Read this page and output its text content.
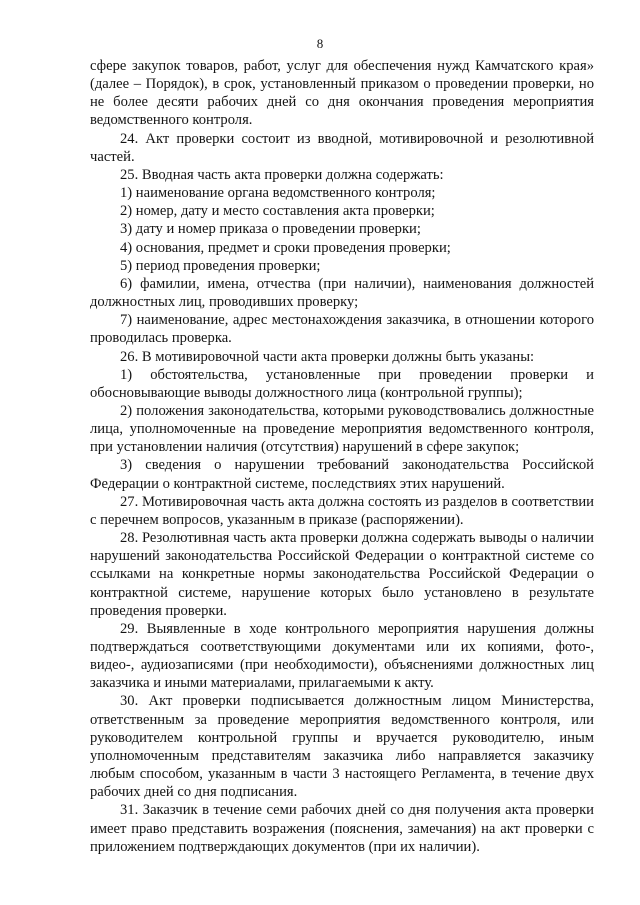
8

сфере закупок товаров, работ, услуг для обеспечения нужд Камчатского края» (далее – Порядок), в срок, установленный приказом о проведении проверки, но не более десяти рабочих дней со дня окончания проведения мероприятия ведомственного контроля.

24. Акт проверки состоит из вводной, мотивировочной и резолютивной частей.

25. Вводная часть акта проверки должна содержать:

1) наименование органа ведомственного контроля;

2) номер, дату и место составления акта проверки;

3) дату и номер приказа о проведении проверки;

4) основания, предмет и сроки проведения проверки;

5) период проведения проверки;

6) фамилии, имена, отчества (при наличии), наименования должностей должностных лиц, проводивших проверку;

7) наименование, адрес местонахождения заказчика, в отношении которого проводилась проверка.

26. В мотивировочной части акта проверки должны быть указаны:

1) обстоятельства, установленные при проведении проверки и обосновывающие выводы должностного лица (контрольной группы);

2) положения законодательства, которыми руководствовались должностные лица, уполномоченные на проведение мероприятия ведомственного контроля, при установлении наличия (отсутствия) нарушений в сфере закупок;

3) сведения о нарушении требований законодательства Российской Федерации о контрактной системе, последствиях этих нарушений.

27. Мотивировочная часть акта должна состоять из разделов в соответствии с перечнем вопросов, указанным в приказе (распоряжении).

28. Резолютивная часть акта проверки должна содержать выводы о наличии нарушений законодательства Российской Федерации о контрактной системе со ссылками на конкретные нормы законодательства Российской Федерации о контрактной системе, нарушение которых было установлено в результате проведения проверки.

29. Выявленные в ходе контрольного мероприятия нарушения должны подтверждаться соответствующими документами или их копиями, фото-, видео-, аудиозаписями (при необходимости), объяснениями должностных лиц заказчика и иными материалами, прилагаемыми к акту.

30. Акт проверки подписывается должностным лицом Министерства, ответственным за проведение мероприятия ведомственного контроля, или руководителем контрольной группы и вручается руководителю, иным уполномоченным представителям заказчика либо направляется заказчику любым способом, указанным в части 3 настоящего Регламента, в течение двух рабочих дней со дня подписания.

31. Заказчик в течение семи рабочих дней со дня получения акта проверки имеет право представить возражения (пояснения, замечания) на акт проверки с приложением подтверждающих документов (при их наличии).
